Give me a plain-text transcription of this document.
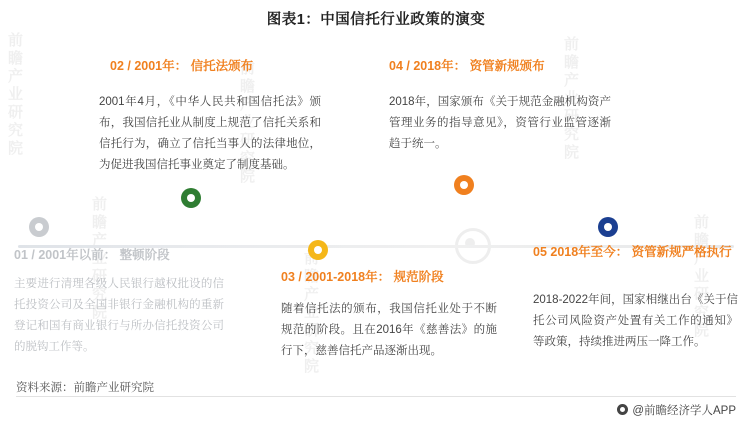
前瞻产业研究院
前瞻产业研究院
前瞻产业研究院
前瞻产业研究院
前瞻产业研究院
前瞻产业研究院
图表1：中国信托行业政策的演变
01 / 2001年以前： 整顿阶段
主要进行清理各级人民银行越权批设的信托投资公司及全国非银行金融机构的重新登记和国有商业银行与所办信托投资公司的脱钩工作等。
02 / 2001年： 信托法颁布
2001年4月，《中华人民共和国信托法》颁布，我国信托业从制度上规范了信托关系和信托行为，确立了信托当事人的法律地位，为促进我国信托事业奠定了制度基础。
03 / 2001-2018年： 规范阶段
随着信托法的颁布，我国信托业处于不断规范的阶段。且在2016年《慈善法》的施行下，慈善信托产品逐渐出现。
04 / 2018年： 资管新规颁布
2018年，国家颁布《关于规范金融机构资产管理业务的指导意见》，资管行业监管逐渐趋于统一。
05 2018年至今： 资管新规严格执行
2018-2022年间，国家相继出台《关于信托公司风险资产处置有关工作的通知》等政策，持续推进两压一降工作。
资料来源：前瞻产业研究院
@前瞻经济学人APP
